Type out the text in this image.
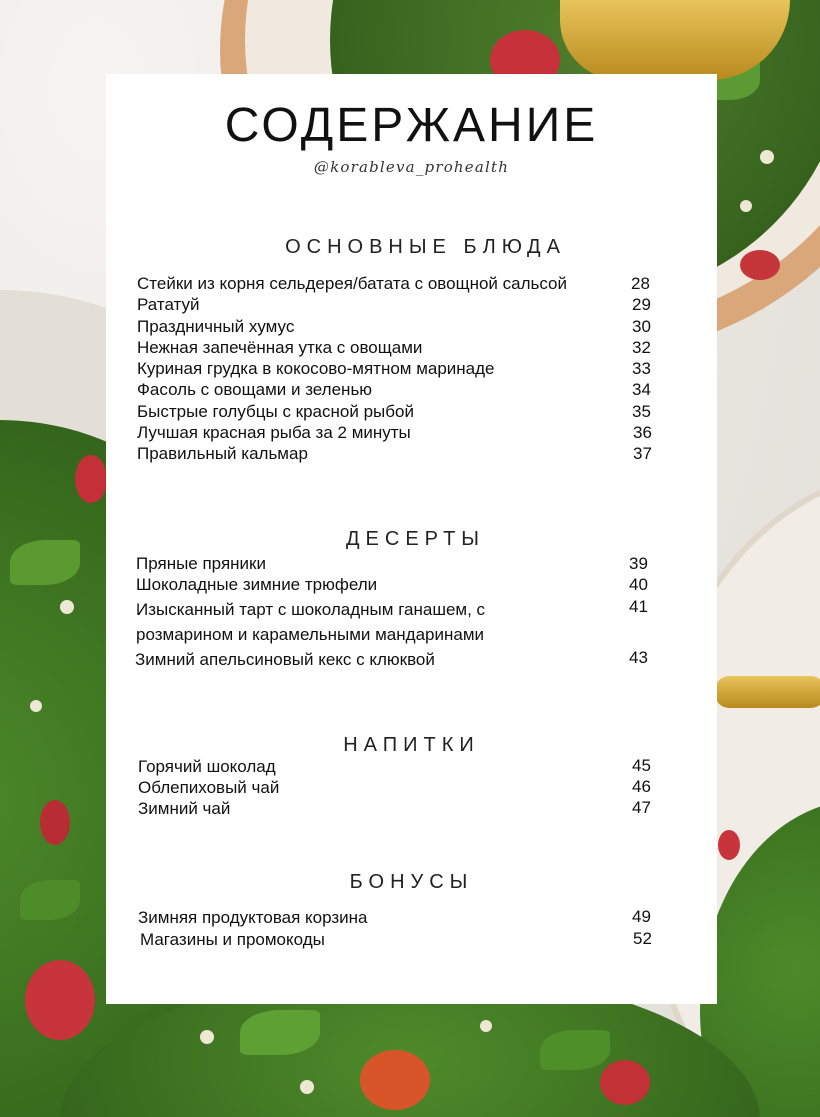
СОДЕРЖАНИЕ
@korableva_prohealth
ОСНОВНЫЕ БЛЮДА
Стейки из корня сельдерея/батата с овощной сальсой	28
Рататуй	29
Праздничный хумус	30
Нежная запечённая утка с овощами	32
Куриная грудка в кокосово-мятном маринаде	33
Фасоль с овощами и зеленью	34
Быстрые голубцы с красной рыбой	35
Лучшая красная рыба за 2 минуты	36
Правильный кальмар	37
ДЕСЕРТЫ
Пряные пряники	39
Шоколадные зимние трюфели	40
Изысканный тарт с шоколадным ганашем, с	41
розмарином и карамельными мандаринами
Зимний апельсиновый кекс с клюквой	43
НАПИТКИ
Горячий шоколад	45
Облепиховый чай	46
Зимний чай	47
БОНУСЫ
Зимняя продуктовая корзина	49
Магазины и промокоды	52
